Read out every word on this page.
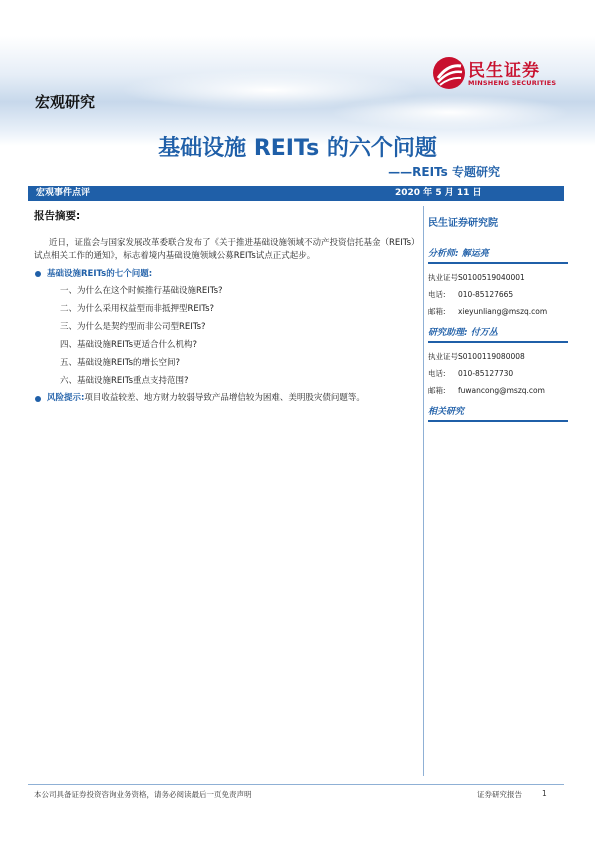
民生证券
MINSHENG SECURITIES
宏观研究
基础设施 REITs 的六个问题
——REITs 专题研究
宏观事件点评	2020 年 5 月 11 日
报告摘要:
近日，证监会与国家发展改革委联合发布了《关于推进基础设施领域不动产投资信托基金（REITs）试点相关工作的通知》，标志着境内基础设施领域公募REITs试点正式起步。
基础设施REITs的七个问题:
一、为什么在这个时候推行基础设施REITs?
二、为什么采用权益型而非抵押型REITs?
三、为什么是契约型而非公司型REITs?
四、基础设施REITs更适合什么机构?
五、基础设施REITs的增长空间?
六、基础设施REITs重点支持范围?
风险提示:项目收益较差、地方财力较弱导致产品增信较为困难、美明股灾债问题等。
民生证券研究院
分析师: 解运亮
执业证号:
S0100519040001
电话:	010-85127665
邮箱:	xieyunliang@mszq.com
研究助理: 付万丛
执业证号:
S0100119080008
电话:	010-85127730
邮箱:	fuwancong@mszq.com
相关研究
本公司具备证券投资咨询业务资格，请务必阅读最后一页免责声明	证券研究报告	1
